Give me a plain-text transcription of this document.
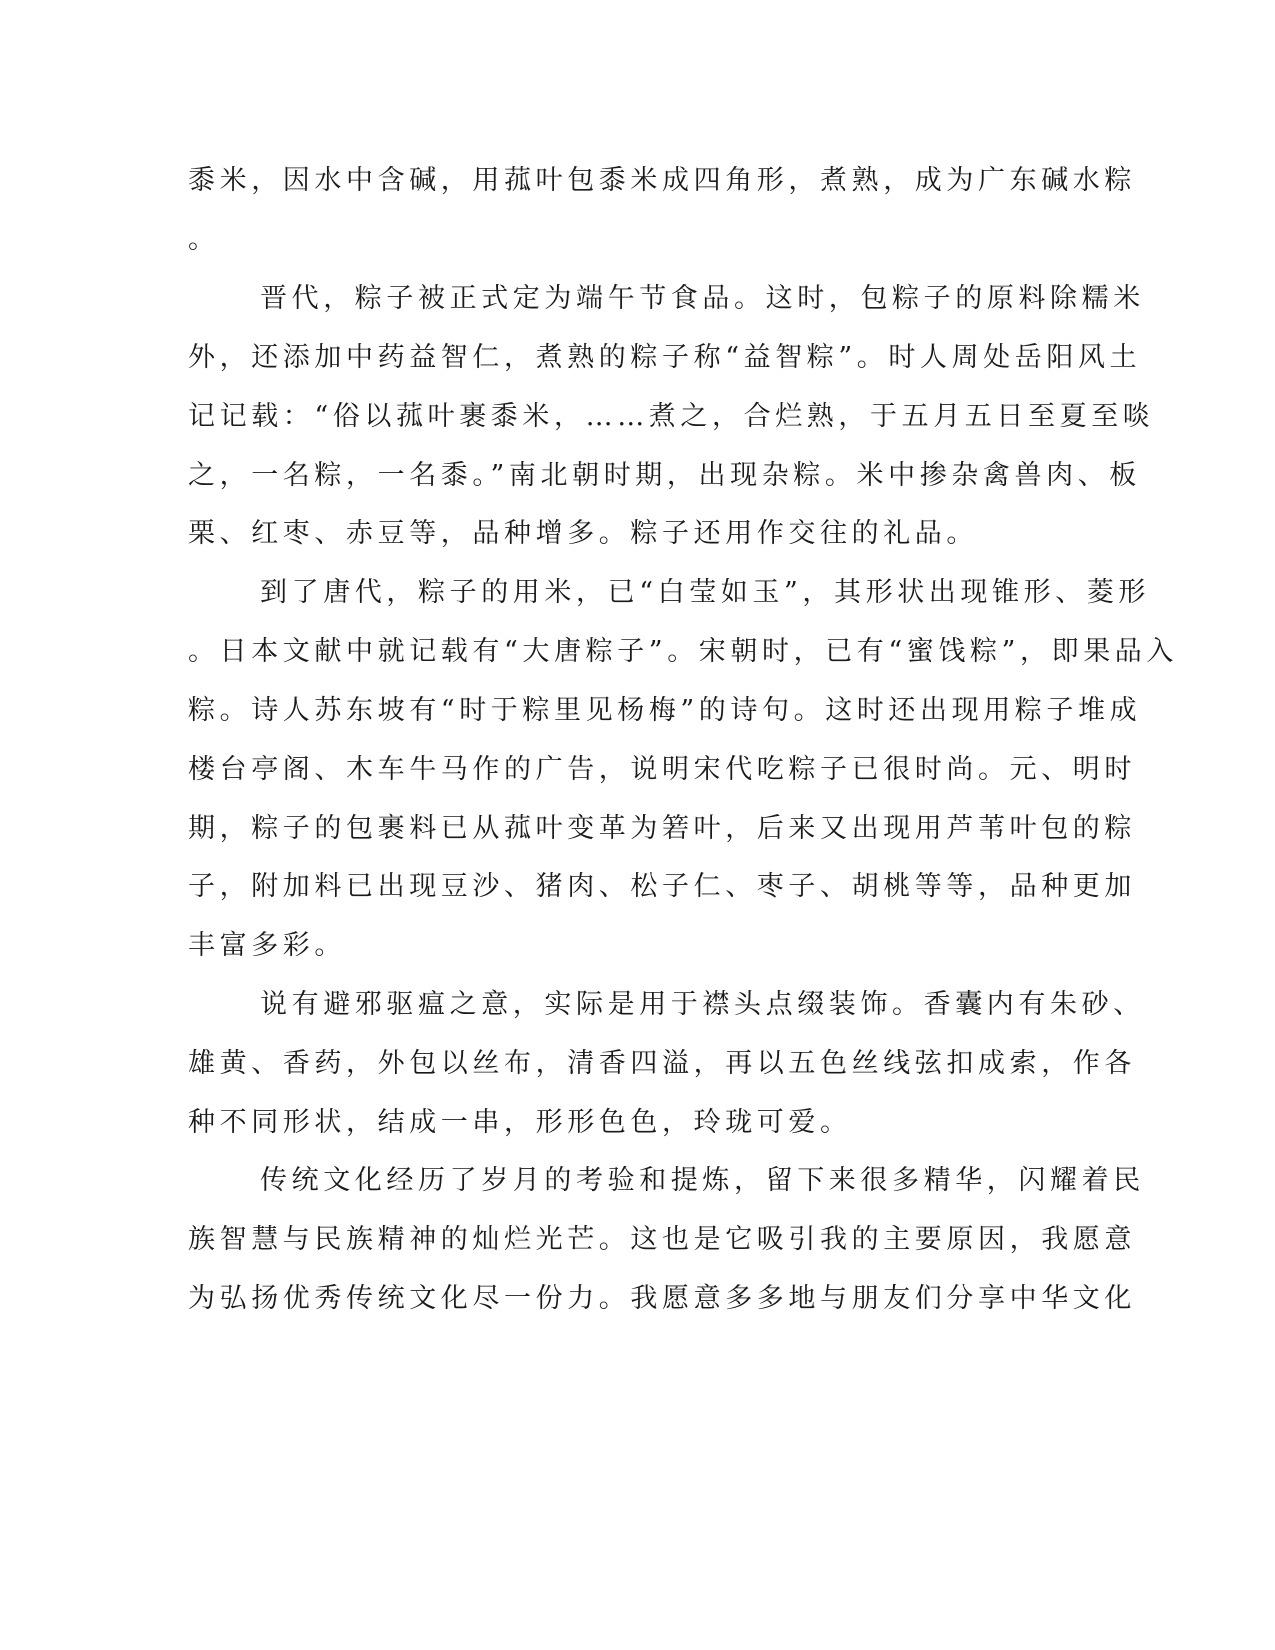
黍米，因水中含碱，用菰叶包黍米成四角形，煮熟，成为广东碱水粽
。
晋代，粽子被正式定为端午节食品。这时，包粽子的原料除糯米
外，还添加中药益智仁，煮熟的粽子称“益智粽”。时人周处岳阳风土
记记载：“俗以菰叶裹黍米，……煮之，合烂熟，于五月五日至夏至啖
之，一名粽，一名黍。”南北朝时期，出现杂粽。米中掺杂禽兽肉、板
栗、红枣、赤豆等，品种增多。粽子还用作交往的礼品。
到了唐代，粽子的用米，已“白莹如玉”，其形状出现锥形、菱形
。日本文献中就记载有“大唐粽子”。宋朝时，已有“蜜饯粽”，即果品入
粽。诗人苏东坡有“时于粽里见杨梅”的诗句。这时还出现用粽子堆成
楼台亭阁、木车牛马作的广告，说明宋代吃粽子已很时尚。元、明时
期，粽子的包裹料已从菰叶变革为箬叶，后来又出现用芦苇叶包的粽
子，附加料已出现豆沙、猪肉、松子仁、枣子、胡桃等等，品种更加
丰富多彩。
说有避邪驱瘟之意，实际是用于襟头点缀装饰。香囊内有朱砂、
雄黄、香药，外包以丝布，清香四溢，再以五色丝线弦扣成索，作各
种不同形状，结成一串，形形色色，玲珑可爱。
传统文化经历了岁月的考验和提炼，留下来很多精华，闪耀着民
族智慧与民族精神的灿烂光芒。这也是它吸引我的主要原因，我愿意
为弘扬优秀传统文化尽一份力。我愿意多多地与朋友们分享中华文化
